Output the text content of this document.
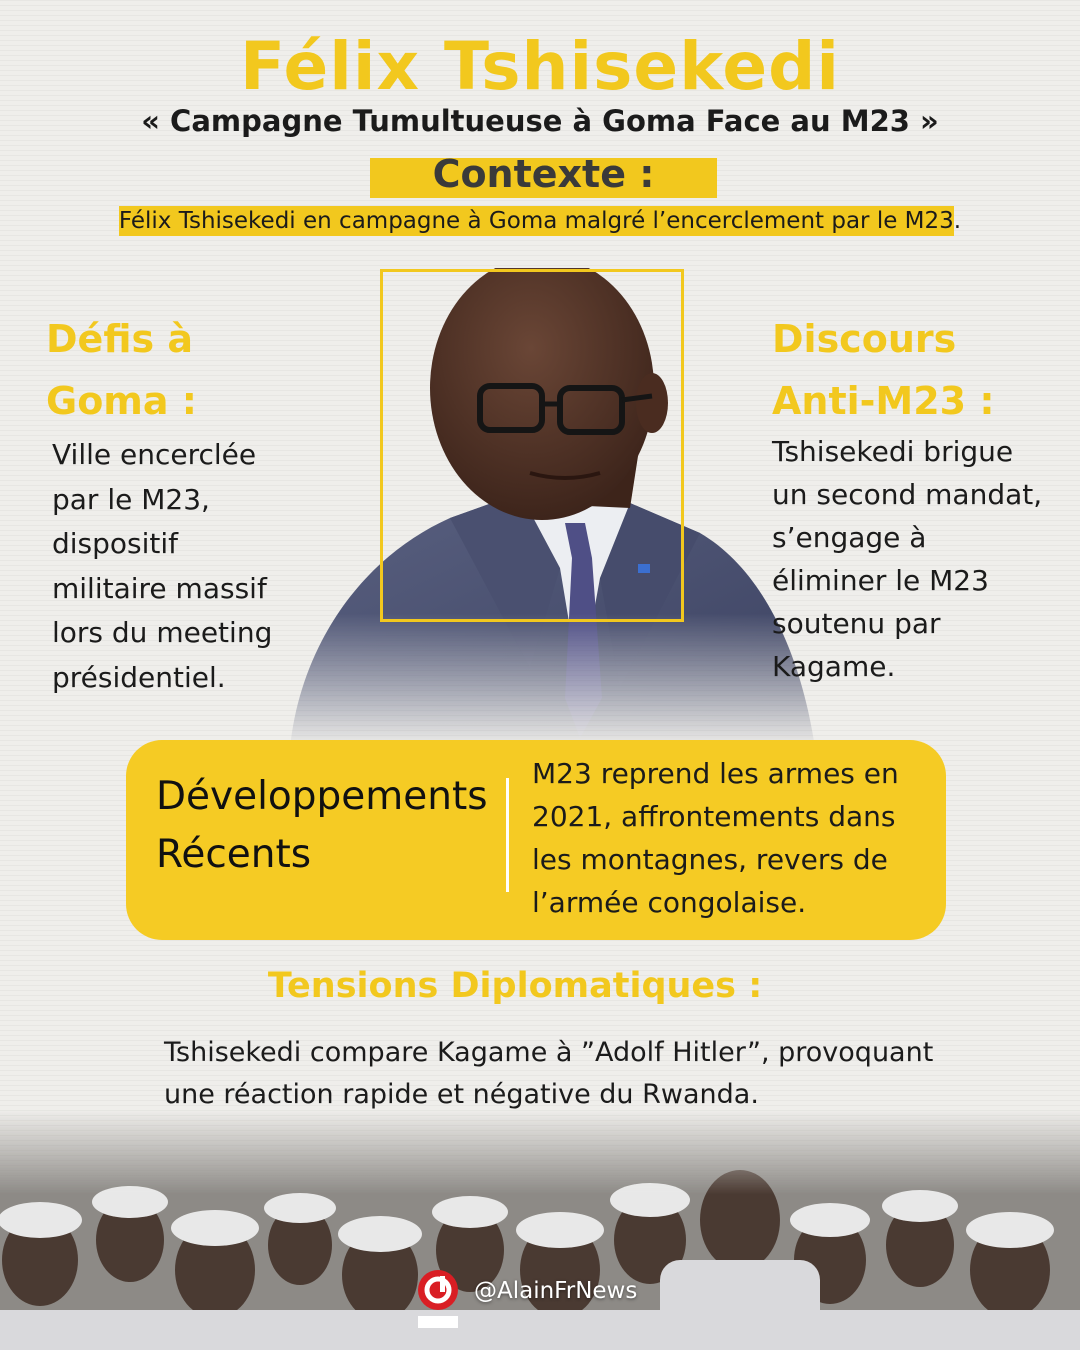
Félix Tshisekedi
« Campagne Tumultueuse à Goma Face au M23 »
Contexte :
Félix Tshisekedi en campagne à Goma malgré l’encerclement par le M23.
Défis à
Goma :
Ville encerclée
par le M23,
dispositif
militaire massif
lors du meeting
présidentiel.
Discours
Anti-M23 :
Tshisekedi brigue
un second mandat,
s’engage à
éliminer le M23
soutenu par
Kagame.
Développements
Récents
M23 reprend les armes en
2021, affrontements dans
les montagnes, revers de
l’armée congolaise.
Tensions Diplomatiques :
Tshisekedi compare Kagame à ”Adolf Hitler”, provoquant
une réaction rapide et négative du Rwanda.
@AlainFrNews
